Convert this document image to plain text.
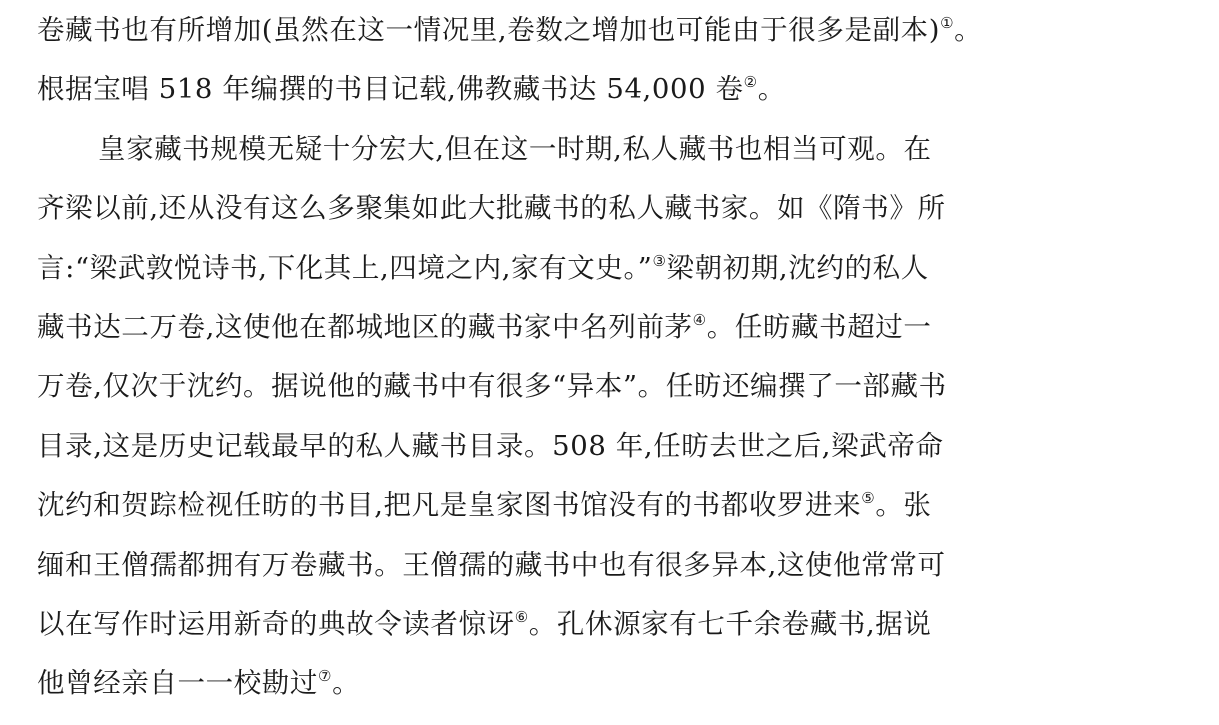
卷藏书也有所增加(虽然在这一情况里,卷数之增加也可能由于很多是副本)①。
根据宝唱 518 年编撰的书目记载,佛教藏书达 54,000 卷②。
皇家藏书规模无疑十分宏大,但在这一时期,私人藏书也相当可观。在
齐梁以前,还从没有这么多聚集如此大批藏书的私人藏书家。如《隋书》所
言:“梁武敦悦诗书,下化其上,四境之内,家有文史。”③梁朝初期,沈约的私人
藏书达二万卷,这使他在都城地区的藏书家中名列前茅④。任昉藏书超过一
万卷,仅次于沈约。据说他的藏书中有很多“异本”。任昉还编撰了一部藏书
目录,这是历史记载最早的私人藏书目录。508 年,任昉去世之后,梁武帝命
沈约和贺踪检视任昉的书目,把凡是皇家图书馆没有的书都收罗进来⑤。张
缅和王僧孺都拥有万卷藏书。王僧孺的藏书中也有很多异本,这使他常常可
以在写作时运用新奇的典故令读者惊讶⑥。孔休源家有七千余卷藏书,据说
他曾经亲自一一校勘过⑦。
